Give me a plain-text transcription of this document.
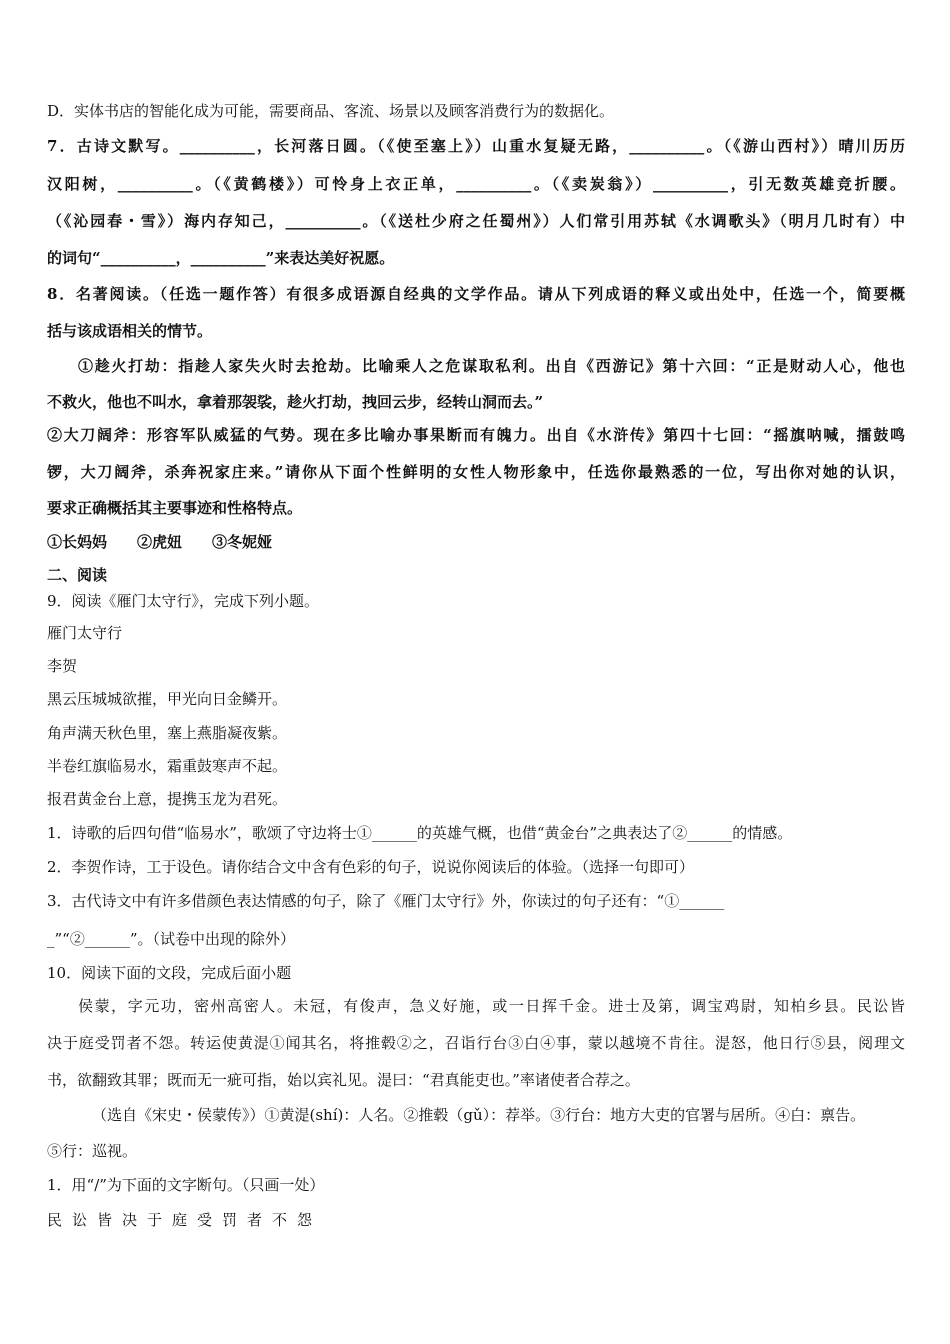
D．实体书店的智能化成为可能，需要商品、客流、场景以及顾客消费行为的数据化。
7．古诗文默写。__________，长河落日圆。（《使至塞上》）山重水复疑无路，__________。（《游山西村》）晴川历历
汉阳树，__________。（《黄鹤楼》）可怜身上衣正单，__________。（《卖炭翁》）__________，引无数英雄竞折腰。
（《沁园春・雪》）海内存知己，__________。（《送杜少府之任蜀州》）人们常引用苏轼《水调歌头》（明月几时有）中
的词句“__________，__________”来表达美好祝愿。
8．名著阅读。（任选一题作答）有很多成语源自经典的文学作品。请从下列成语的释义或出处中，任选一个，简要概
括与该成语相关的情节。
①趁火打劫：指趁人家失火时去抢劫。比喻乘人之危谋取私利。出自《西游记》第十六回：“正是财动人心，他也
不救火，他也不叫水，拿着那袈裟，趁火打劫，拽回云步，经转山洞而去。”
②大刀阔斧：形容军队威猛的气势。现在多比喻办事果断而有魄力。出自《水浒传》第四十七回：“摇旗呐喊，擂鼓鸣
锣，大刀阔斧，杀奔祝家庄来。”请你从下面个性鲜明的女性人物形象中，任选你最熟悉的一位，写出你对她的认识，
要求正确概括其主要事迹和性格特点。
①长妈妈　　②虎妞　　③冬妮娅
二、阅读
9．阅读《雁门太守行》，完成下列小题。
雁门太守行
李贺
黑云压城城欲摧，甲光向日金鳞开。
角声满天秋色里，塞上燕脂凝夜紫。
半卷红旗临易水，霜重鼓寒声不起。
报君黄金台上意，提携玉龙为君死。
1．诗歌的后四句借“临易水”，歌颂了守边将士①______的英雄气概，也借“黄金台”之典表达了②______的情感。
2．李贺作诗，工于设色。请你结合文中含有色彩的句子，说说你阅读后的体验。（选择一句即可）
3．古代诗文中有许多借颜色表达情感的句子，除了《雁门太守行》外，你读过的句子还有：“①______
_”“②______”。（试卷中出现的除外）
10．阅读下面的文段，完成后面小题
侯蒙，字元功，密州高密人。未冠，有俊声，急义好施，或一日挥千金。进士及第，调宝鸡尉，知柏乡县。民讼皆
决于庭受罚者不怨。转运使黄湜①闻其名，将推毂②之，召诣行台③白④事，蒙以越境不肯往。湜怒，他日行⑤县，阅理文
书，欲翻致其罪；既而无一疵可指，始以宾礼见。湜曰：“君真能吏也。”率诸使者合荐之。
（选自《宋史・侯蒙传》）①黄湜(shí)：人名。②推毂（gǔ）：荐举。③行台：地方大吏的官署与居所。④白：禀告。
⑤行：巡视。
1．用“/”为下面的文字断句。（只画一处）
民讼皆决于庭受罚者不怨
